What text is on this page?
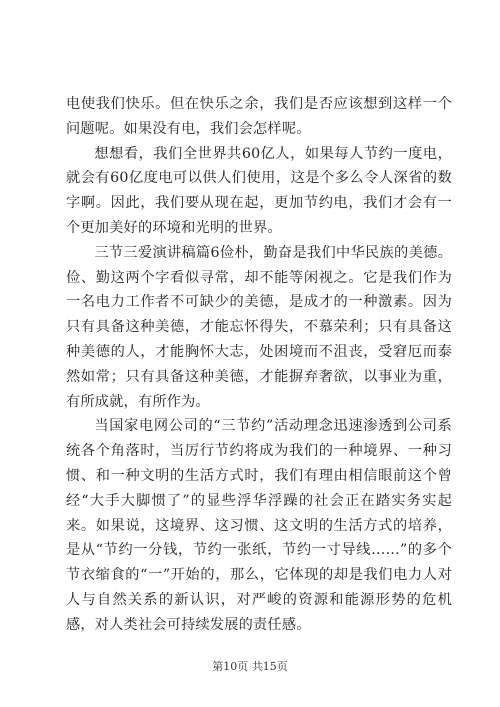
电使我们快乐。但在快乐之余，我们是否应该想到这样一个问题呢。如果没有电，我们会怎样呢。

想想看，我们全世界共60亿人，如果每人节约一度电，就会有60亿度电可以供人们使用，这是个多么令人深省的数字啊。因此，我们要从现在起，更加节约电，我们才会有一个更加美好的环境和光明的世界。

三节三爱演讲稿篇6俭朴，勤奋是我们中华民族的美德。俭、勤这两个字看似寻常，却不能等闲视之。它是我们作为一名电力工作者不可缺少的美德，是成才的一种激素。因为只有具备这种美德，才能忘怀得失，不慕荣利；只有具备这种美德的人，才能胸怀大志，处困境而不沮丧，受窘厄而泰然如常；只有具备这种美德，才能摒弃奢欲，以事业为重，有所成就，有所作为。

当国家电网公司的“三节约”活动理念迅速渗透到公司系统各个角落时，当厉行节约将成为我们的一种境界、一种习惯、和一种文明的生活方式时，我们有理由相信眼前这个曾经“大手大脚惯了”的显些浮华浮躁的社会正在踏实务实起来。如果说，这境界、这习惯、这文明的生活方式的培养，是从“节约一分钱，节约一张纸，节约一寸导线……”的多个节衣缩食的“一”开始的，那么，它体现的却是我们电力人对人与自然关系的新认识，对严峻的资源和能源形势的危机感，对人类社会可持续发展的责任感。

第10页 共15页
